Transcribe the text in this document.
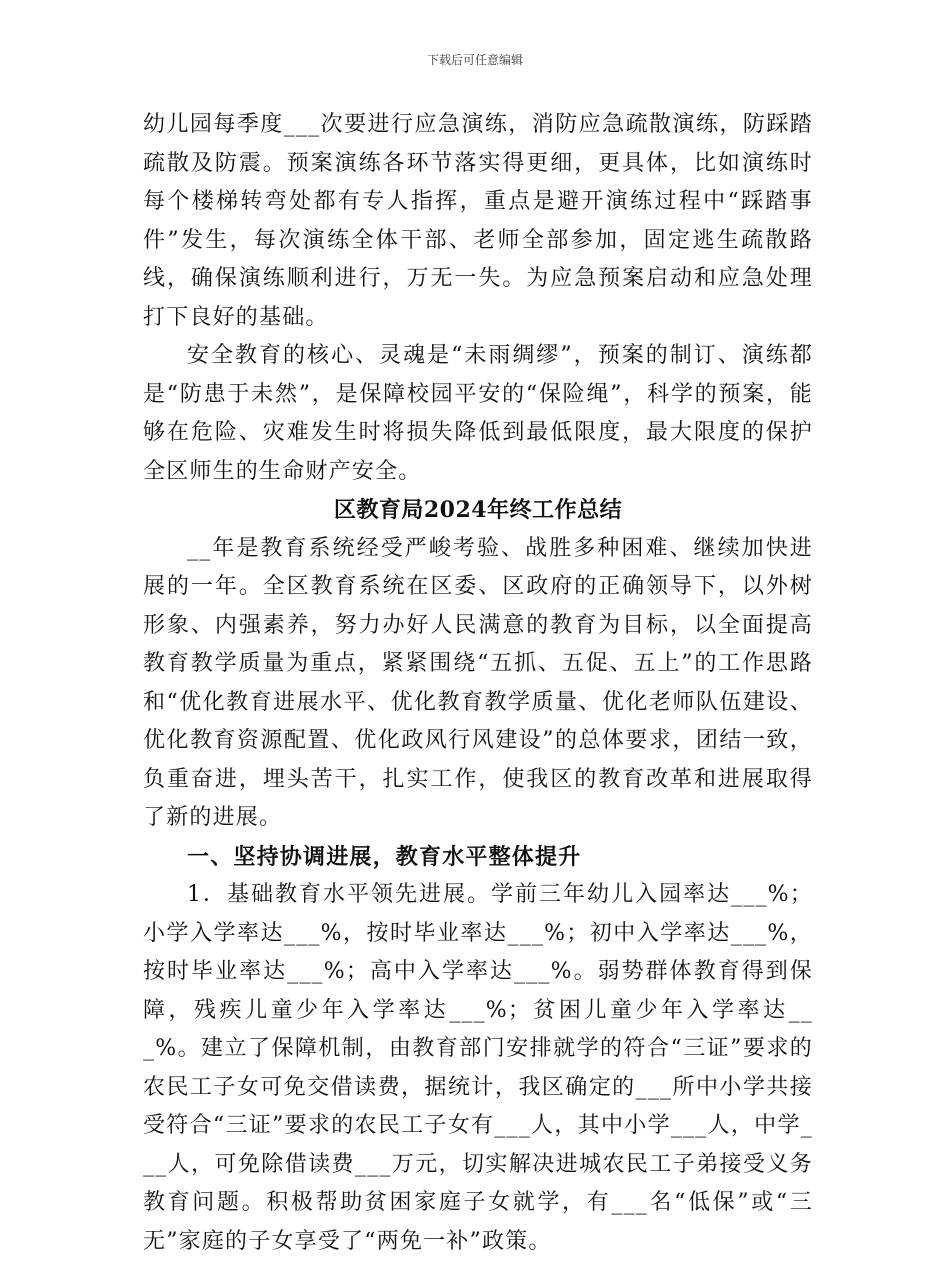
下载后可任意编辑

幼儿园每季度___次要进行应急演练，消防应急疏散演练，防踩踏疏散及防震。预案演练各环节落实得更细，更具体，比如演练时每个楼梯转弯处都有专人指挥，重点是避开演练过程中“踩踏事件”发生，每次演练全体干部、老师全部参加，固定逃生疏散路线，确保演练顺利进行，万无一失。为应急预案启动和应急处理打下良好的基础。

安全教育的核心、灵魂是“未雨绸缪”，预案的制订、演练都是“防患于未然”，是保障校园平安的“保险绳”，科学的预案，能够在危险、灾难发生时将损失降低到最低限度，最大限度的保护全区师生的生命财产安全。

区教育局2024年终工作总结

__年是教育系统经受严峻考验、战胜多种困难、继续加快进展的一年。全区教育系统在区委、区政府的正确领导下，以外树形象、内强素养，努力办好人民满意的教育为目标，以全面提高教育教学质量为重点，紧紧围绕“五抓、五促、五上”的工作思路和“优化教育进展水平、优化教育教学质量、优化老师队伍建设、优化教育资源配置、优化政风行风建设”的总体要求，团结一致，负重奋进，埋头苦干，扎实工作，使我区的教育改革和进展取得了新的进展。

一、坚持协调进展，教育水平整体提升

1．基础教育水平领先进展。学前三年幼儿入园率达___%；小学入学率达___%，按时毕业率达___%；初中入学率达___%，按时毕业率达___%；高中入学率达___%。弱势群体教育得到保障，残疾儿童少年入学率达___%；贫困儿童少年入学率达___%。建立了保障机制，由教育部门安排就学的符合“三证”要求的农民工子女可免交借读费，据统计，我区确定的___所中小学共接受符合“三证”要求的农民工子女有___人，其中小学___人，中学___人，可免除借读费___万元，切实解决进城农民工子弟接受义务教育问题。积极帮助贫困家庭子女就学，有___名“低保”或“三无”家庭的子女享受了“两免一补”政策。
